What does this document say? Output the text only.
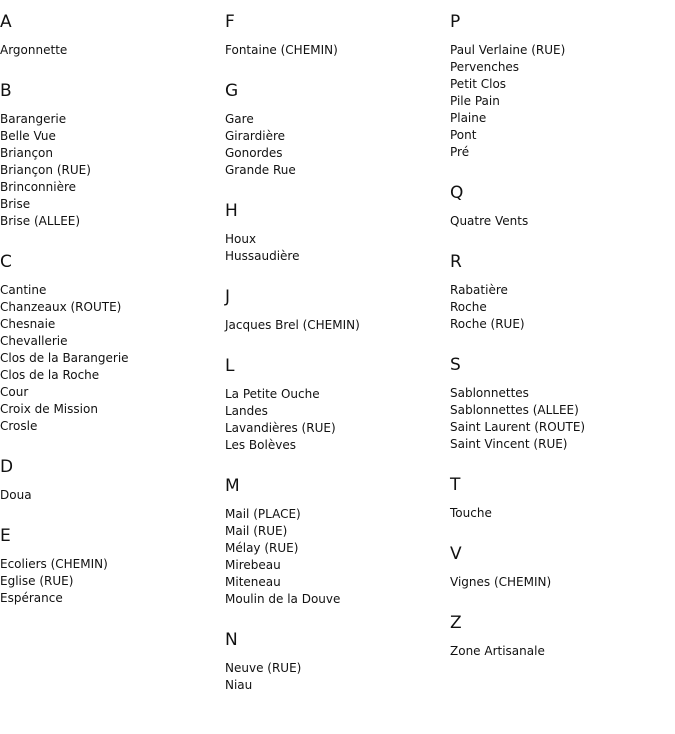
A
Argonnette
B
Barangerie
Belle Vue
Briançon
Briançon (RUE)
Brinconnière
Brise
Brise (ALLEE)
C
Cantine
Chanzeaux (ROUTE)
Chesnaie
Chevallerie
Clos de la Barangerie
Clos de la Roche
Cour
Croix de Mission
Crosle
D
Doua
E
Ecoliers (CHEMIN)
Eglise (RUE)
Espérance
F
Fontaine (CHEMIN)
G
Gare
Girardière
Gonordes
Grande Rue
H
Houx
Hussaudière
J
Jacques Brel (CHEMIN)
L
La Petite Ouche
Landes
Lavandières (RUE)
Les Bolèves
M
Mail (PLACE)
Mail (RUE)
Mélay (RUE)
Mirebeau
Miteneau
Moulin de la Douve
N
Neuve (RUE)
Niau
P
Paul Verlaine (RUE)
Pervenches
Petit Clos
Pile Pain
Plaine
Pont
Pré
Q
Quatre Vents
R
Rabatière
Roche
Roche (RUE)
S
Sablonnettes
Sablonnettes (ALLEE)
Saint Laurent (ROUTE)
Saint Vincent (RUE)
T
Touche
V
Vignes (CHEMIN)
Z
Zone Artisanale
